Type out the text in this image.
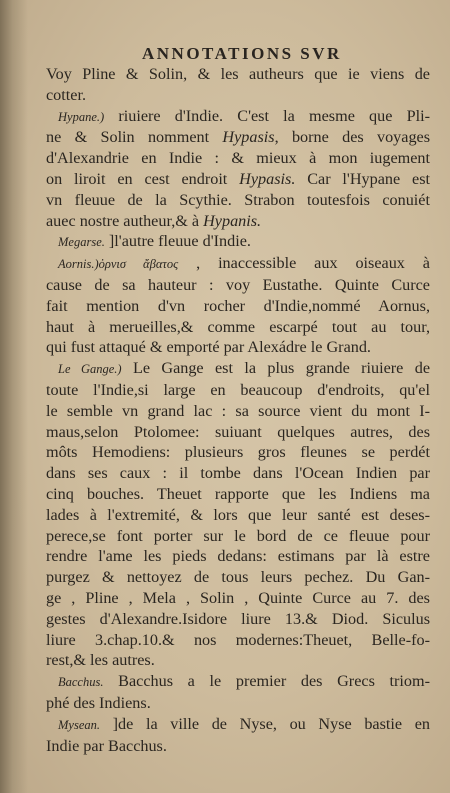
ANNOTATIONS SVR
Voy Pline & Solin, & les autheurs que ie viens de
cotter.
Hypane.) riuiere d'Indie. C'est la mesme que Pli-
ne & Solin nomment Hypasis, borne des voyages
d'Alexandrie en Indie : & mieux à mon iugement
on liroit en cest endroit Hypasis. Car l'Hypane est
vn fleuue de la Scythie. Strabon toutesfois conuiét
auec nostre autheur,& à Hypanis.
Megarse. ]l'autre fleuue d'Indie.
Aornis.)ὀρνισ ἄβατος , inaccessible aux oiseaux à
cause de sa hauteur : voy Eustathe. Quinte Curce
fait mention d'vn rocher d'Indie,nommé Aornus,
haut à merueilles,& comme escarpé tout au tour,
qui fust attaqué & emporté par Alexádre le Grand.
Le Gange.) Le Gange est la plus grande riuiere de
toute l'Indie,si large en beaucoup d'endroits, qu'el
le semble vn grand lac : sa source vient du mont I-
maus,selon Ptolomee: suiuant quelques autres, des
môts Hemodiens: plusieurs gros fleunes se perdét
dans ses caux : il tombe dans l'Ocean Indien par
cinq bouches. Theuet rapporte que les Indiens ma
lades à l'extremité, & lors que leur santé est deses-
perece,se font porter sur le bord de ce fleuue pour
rendre l'ame les pieds dedans: estimans par là estre
purgez & nettoyez de tous leurs pechez. Du Gan-
ge , Pline , Mela , Solin , Quinte Curce au 7. des
gestes d'Alexandre.Isidore liure 13.& Diod. Siculus
liure 3.chap.10.& nos modernes:Theuet, Belle-fo-
rest,& les autres.
Bacchus. Bacchus a le premier des Grecs triom-
phé des Indiens.
Mysean. ]de la ville de Nyse, ou Nyse bastie en
Indie par Bacchus.
